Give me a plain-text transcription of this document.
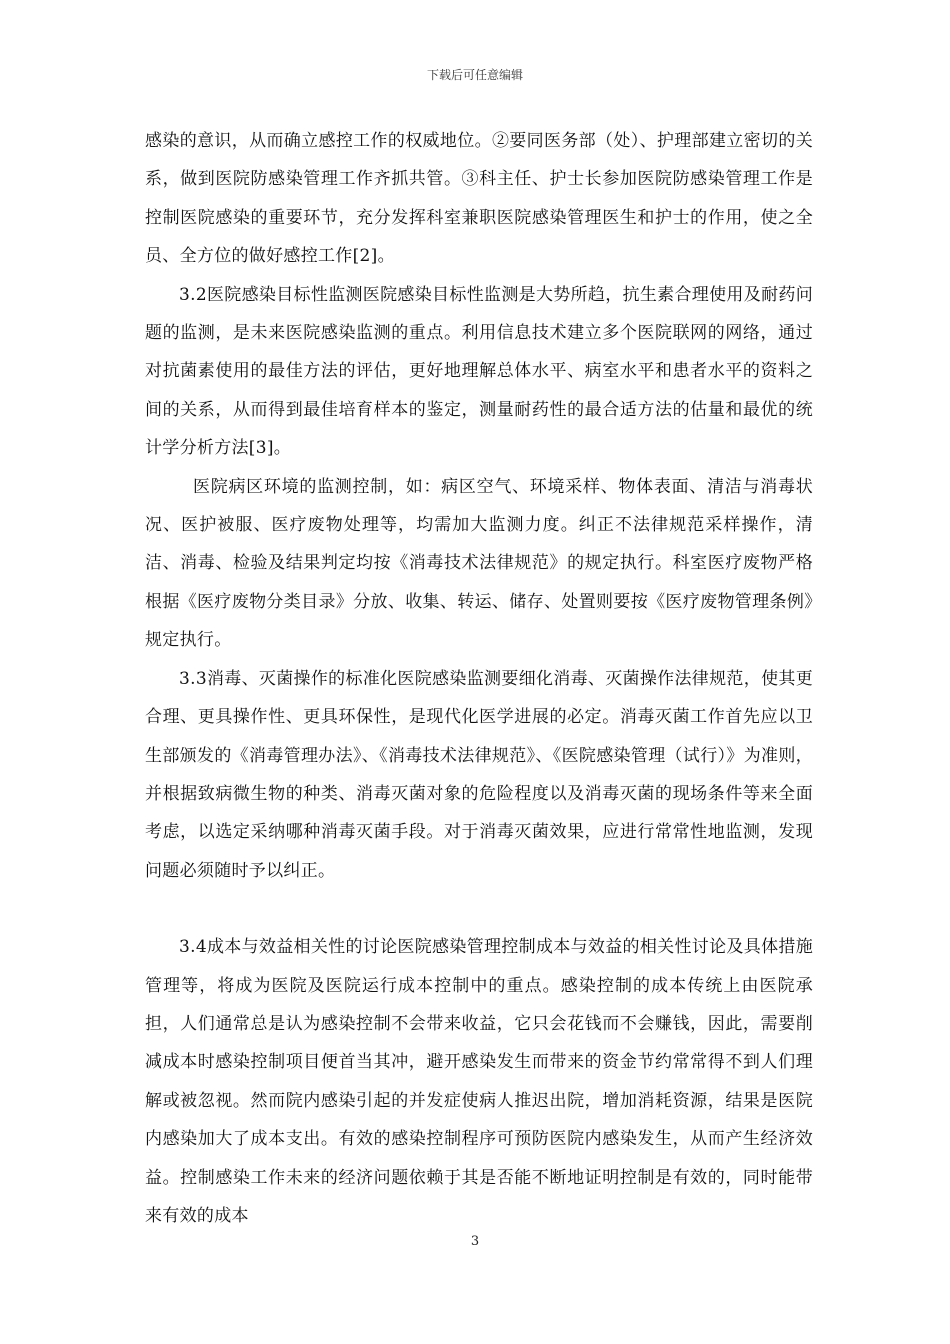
下载后可任意编辑

感染的意识，从而确立感控工作的权威地位。②要同医务部（处）、护理部建立密切的关系，做到医院防感染管理工作齐抓共管。③科主任、护士长参加医院防感染管理工作是控制医院感染的重要环节，充分发挥科室兼职医院感染管理医生和护士的作用，使之全员、全方位的做好感控工作[2]。

3.2医院感染目标性监测医院感染目标性监测是大势所趋，抗生素合理使用及耐药问题的监测，是未来医院感染监测的重点。利用信息技术建立多个医院联网的网络，通过对抗菌素使用的最佳方法的评估，更好地理解总体水平、病室水平和患者水平的资料之间的关系，从而得到最佳培育样本的鉴定，测量耐药性的最合适方法的估量和最优的统计学分析方法[3]。

医院病区环境的监测控制，如：病区空气、环境采样、物体表面、清洁与消毒状况、医护被服、医疗废物处理等，均需加大监测力度。纠正不法律规范采样操作，清洁、消毒、检验及结果判定均按《消毒技术法律规范》的规定执行。科室医疗废物严格根据《医疗废物分类目录》分放、收集、转运、储存、处置则要按《医疗废物管理条例》规定执行。

3.3消毒、灭菌操作的标准化医院感染监测要细化消毒、灭菌操作法律规范，使其更合理、更具操作性、更具环保性，是现代化医学进展的必定。消毒灭菌工作首先应以卫生部颁发的《消毒管理办法》、《消毒技术法律规范》、《医院感染管理（试行）》为准则，并根据致病微生物的种类、消毒灭菌对象的危险程度以及消毒灭菌的现场条件等来全面考虑，以选定采纳哪种消毒灭菌手段。对于消毒灭菌效果，应进行常常性地监测，发现问题必须随时予以纠正。

3.4成本与效益相关性的讨论医院感染管理控制成本与效益的相关性讨论及具体措施管理等，将成为医院及医院运行成本控制中的重点。感染控制的成本传统上由医院承担，人们通常总是认为感染控制不会带来收益，它只会花钱而不会赚钱，因此，需要削减成本时感染控制项目便首当其冲，避开感染发生而带来的资金节约常常得不到人们理解或被忽视。然而院内感染引起的并发症使病人推迟出院，增加消耗资源，结果是医院内感染加大了成本支出。有效的感染控制程序可预防医院内感染发生，从而产生经济效益。控制感染工作未来的经济问题依赖于其是否能不断地证明控制是有效的，同时能带来有效的成本

3
